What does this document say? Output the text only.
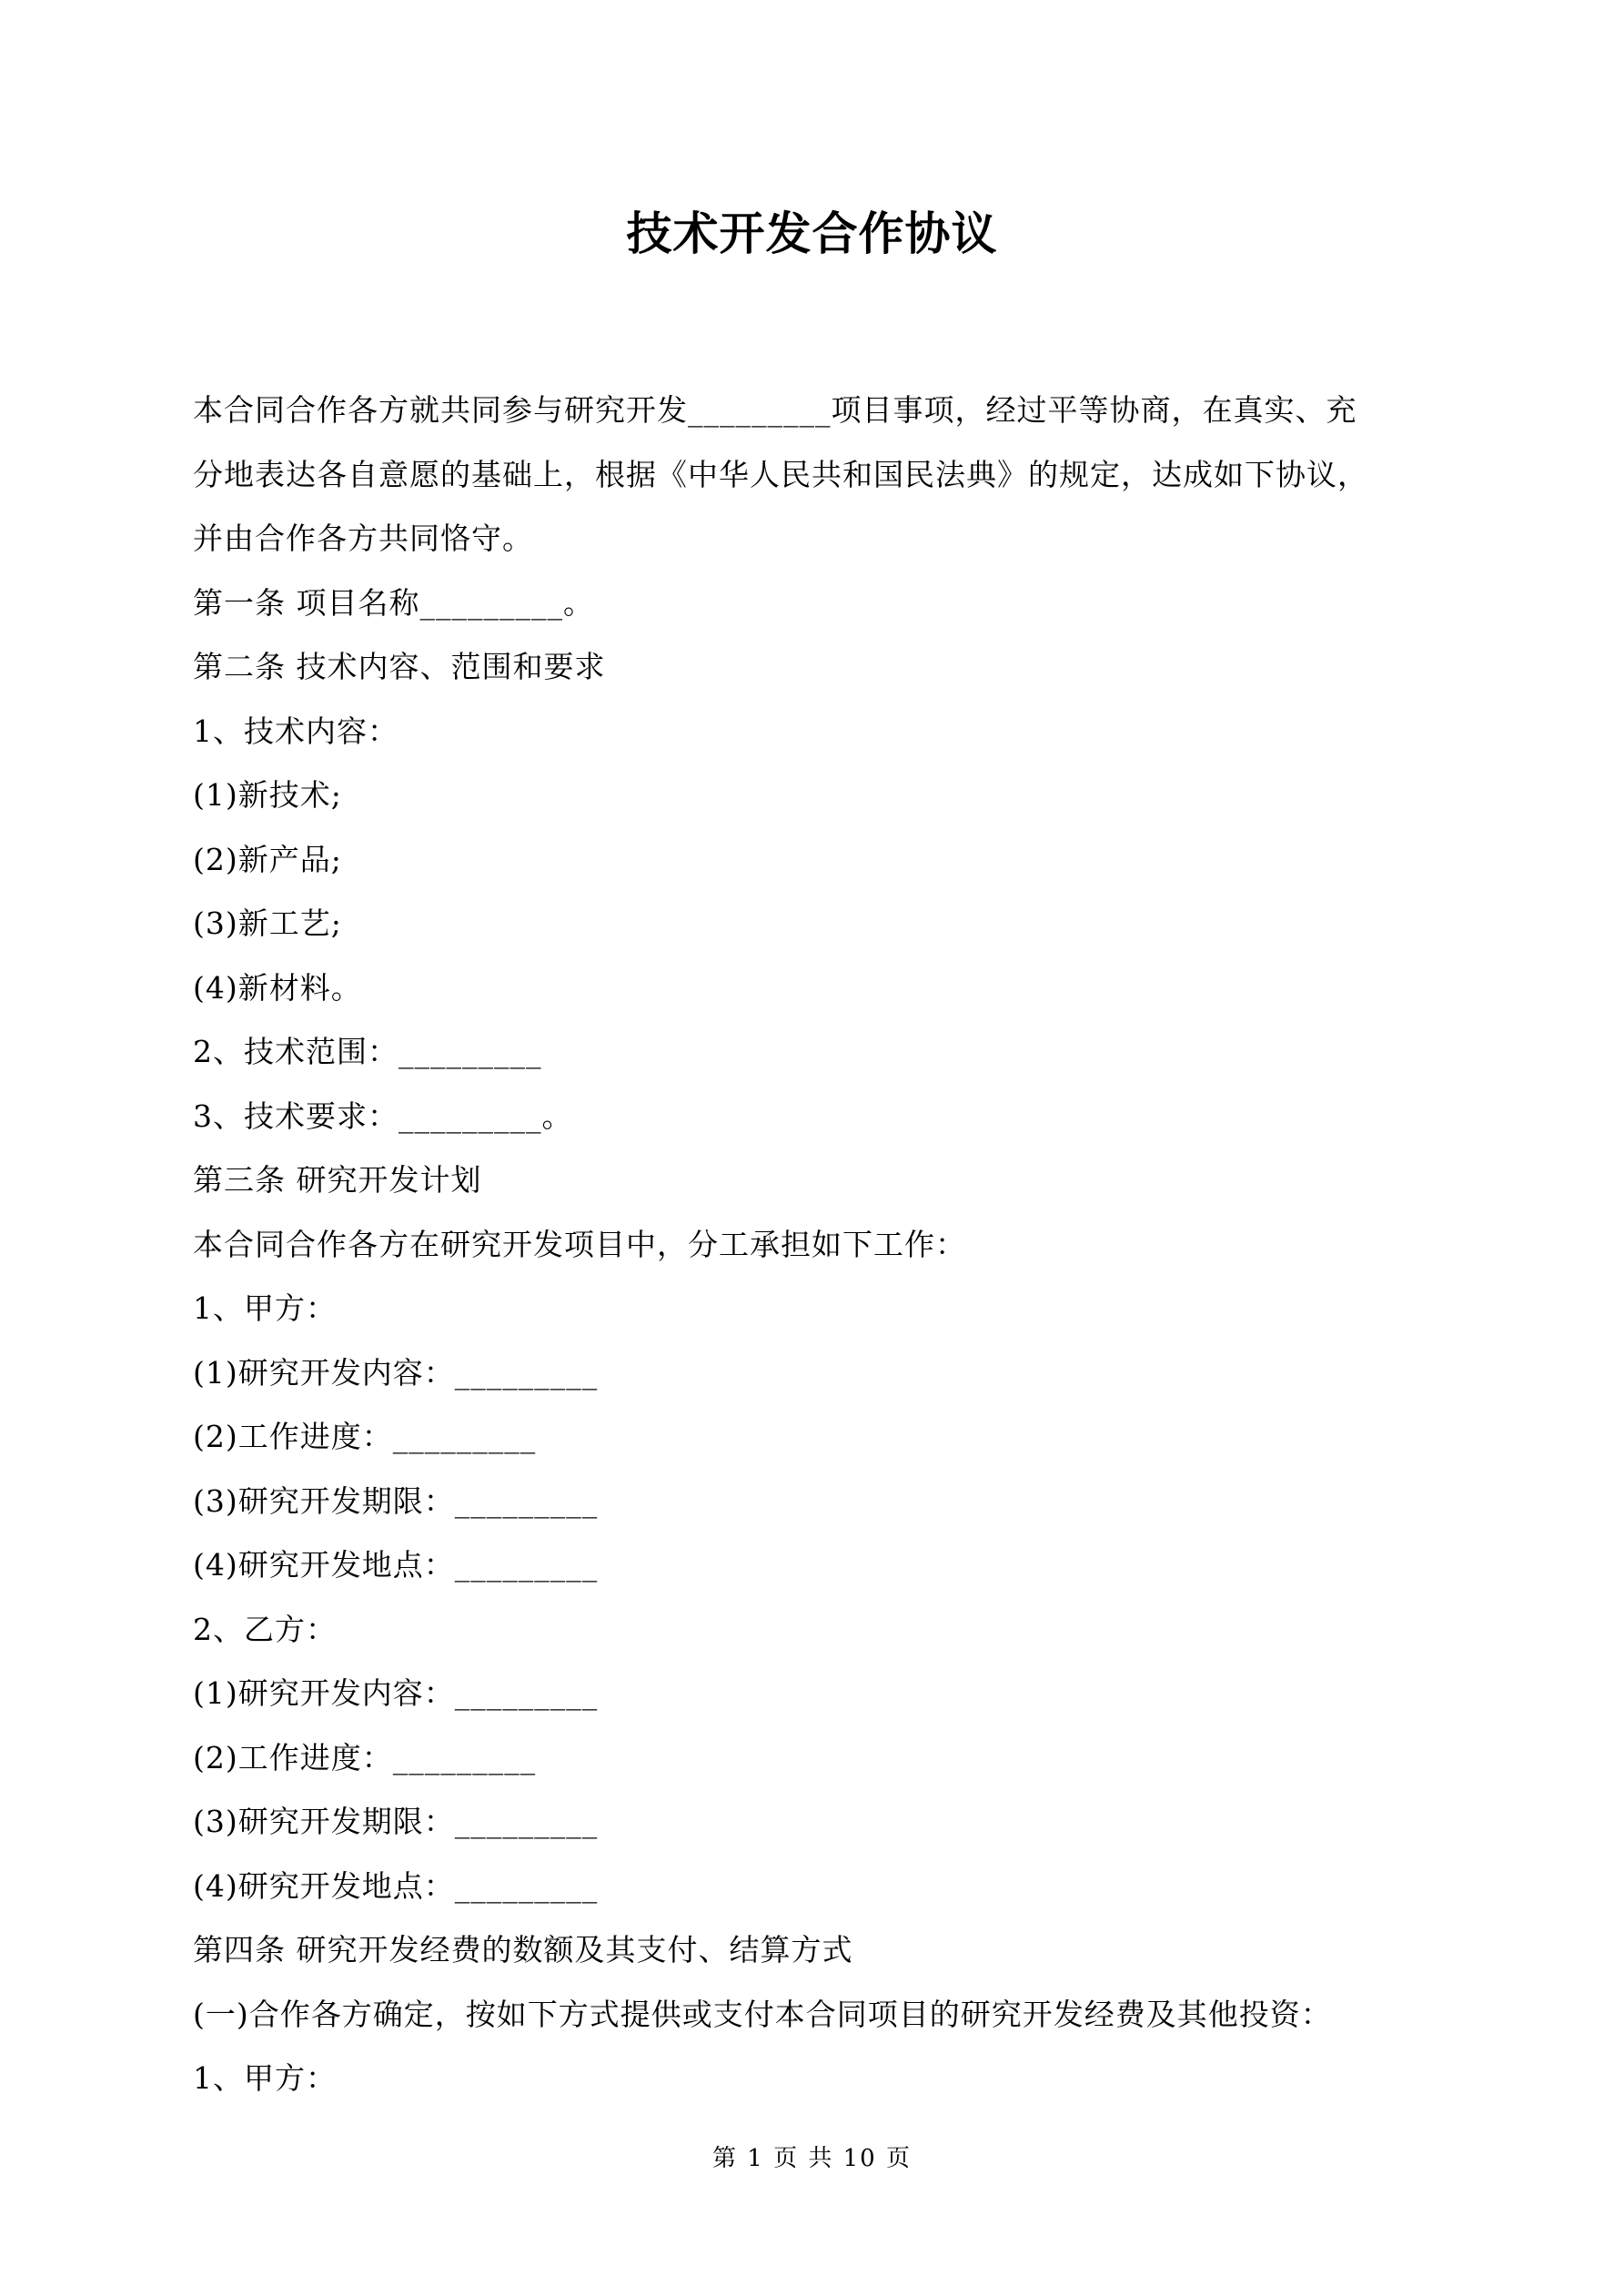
技术开发合作协议
本合同合作各方就共同参与研究开发_________项目事项，经过平等协商，在真实、充
分地表达各自意愿的基础上，根据《中华人民共和国民法典》的规定，达成如下协议，
并由合作各方共同恪守。
第一条 项目名称_________。
第二条 技术内容、范围和要求
1、技术内容：
(1)新技术;
(2)新产品;
(3)新工艺;
(4)新材料。
2、技术范围：_________
3、技术要求：_________。
第三条 研究开发计划
本合同合作各方在研究开发项目中，分工承担如下工作：
1、甲方：
(1)研究开发内容：_________
(2)工作进度：_________
(3)研究开发期限：_________
(4)研究开发地点：_________
2、乙方：
(1)研究开发内容：_________
(2)工作进度：_________
(3)研究开发期限：_________
(4)研究开发地点：_________
第四条 研究开发经费的数额及其支付、结算方式
(一)合作各方确定，按如下方式提供或支付本合同项目的研究开发经费及其他投资：
1、甲方：
第 1 页 共 10 页
